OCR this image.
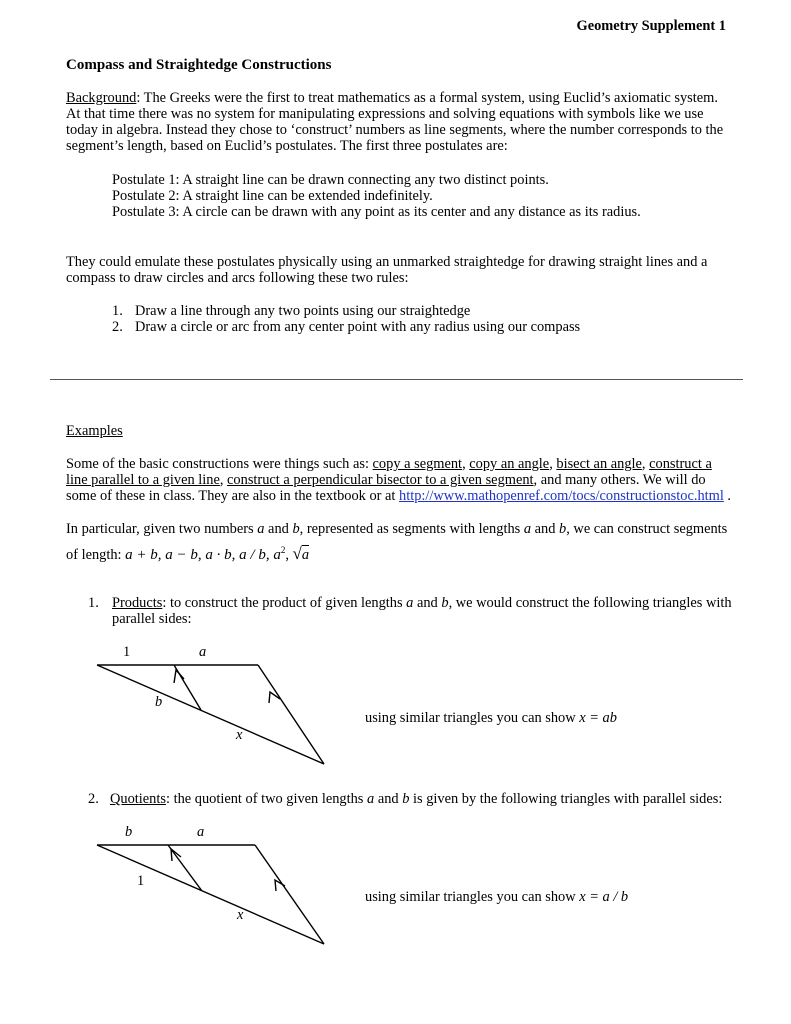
Geometry Supplement 1
Compass and Straightedge Constructions
Background: The Greeks were the first to treat mathematics as a formal system, using Euclid’s axiomatic system.
At that time there was no system for manipulating expressions and solving equations with symbols like we use
today in algebra. Instead they chose to ‘construct’ numbers as line segments, where the number corresponds to the
segment’s length, based on Euclid’s postulates. The first three postulates are:
Postulate 1: A straight line can be drawn connecting any two distinct points.
Postulate 2: A straight line can be extended indefinitely.
Postulate 3: A circle can be drawn with any point as its center and any distance as its radius.
They could emulate these postulates physically using an unmarked straightedge for drawing straight lines and a
compass to draw circles and arcs following these two rules:
1. Draw a line through any two points using our straightedge
2. Draw a circle or arc from any center point with any radius using our compass
Examples
Some of the basic constructions were things such as: copy a segment, copy an angle, bisect an angle, construct a
line parallel to a given line, construct a perpendicular bisector to a given segment, and many others. We will do
some of these in class. They are also in the textbook or at http://www.mathopenref.com/tocs/constructionstoc.html .
In particular, given two numbers a and b, represented as segments with lengths a and b, we can construct segments
of length: a + b, a − b, a · b, a / b, $a^2$, √a
1. Products: to construct the product of given lengths a and b, we would construct the following triangles with
parallel sides:
1	a
b
x
using similar triangles you can show x = ab
2. Quotients: the quotient of two given lengths a and b is given by the following triangles with parallel sides:
b	a
1
x
using similar triangles you can show x = a / b
